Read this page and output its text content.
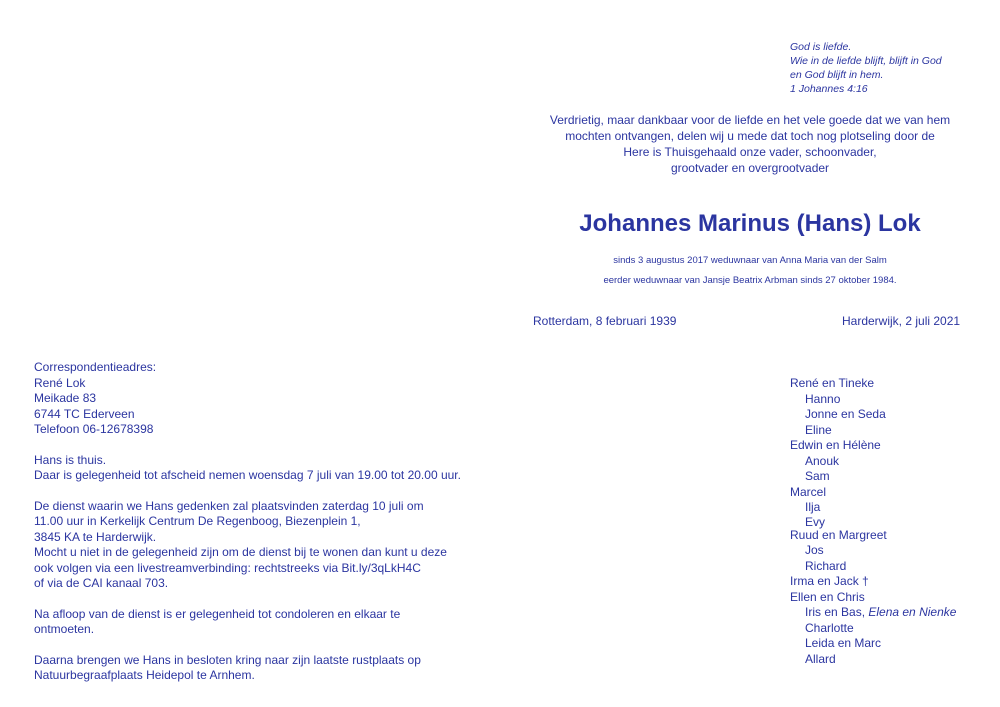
God is liefde.
Wie in de liefde blijft, blijft in God
en God blijft in hem.
1 Johannes 4:16
Verdrietig, maar dankbaar voor de liefde en het vele goede dat we van hem
mochten ontvangen, delen wij u mede dat toch nog plotseling door de
Here is Thuisgehaald onze vader, schoonvader,
grootvader en overgrootvader
Johannes Marinus (Hans) Lok
sinds 3 augustus 2017 weduwnaar van Anna Maria van der Salm
eerder weduwnaar van Jansje Beatrix Arbman sinds 27 oktober 1984.
Rotterdam, 8 februari 1939	Harderwijk, 2 juli 2021
Correspondentieadres:
René Lok
Meikade 83
6744 TC Ederveen
Telefoon 06-12678398
Hans is thuis.
Daar is gelegenheid tot afscheid nemen woensdag 7 juli van 19.00 tot 20.00 uur.
De dienst waarin we Hans gedenken zal plaatsvinden zaterdag 10 juli om
11.00 uur in Kerkelijk Centrum De Regenboog, Biezenplein 1,
3845 KA te Harderwijk.
Mocht u niet in de gelegenheid zijn om de dienst bij te wonen dan kunt u deze
ook volgen via een livestreamverbinding: rechtstreeks via Bit.ly/3qLkH4C
of via de CAI kanaal 703.
Na afloop van de dienst is er gelegenheid tot condoleren en elkaar te
ontmoeten.
Daarna brengen we Hans in besloten kring naar zijn laatste rustplaats op
Natuurbegraafplaats Heidepol te Arnhem.
René en Tineke
Hanno
Jonne en Seda
Eline
Edwin en Hélène
Anouk
Sam
Marcel
Ilja
Evy
Ruud en Margreet
Jos
Richard
Irma en Jack †
Ellen en Chris
Iris en Bas, Elena en Nienke
Charlotte
Leida en Marc
Allard
